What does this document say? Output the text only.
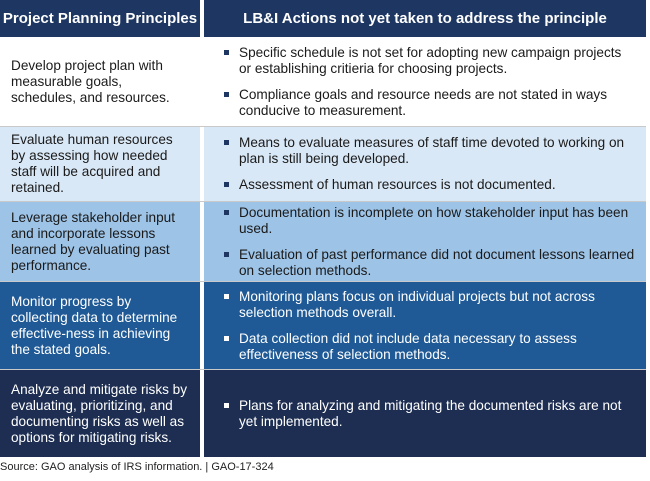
Project Planning Principles	LB&I Actions not yet taken to address the principle
Develop project plan with measurable goals, schedules, and resources.
Specific schedule is not set for adopting new campaign projects or establishing critieria for choosing projects.
Compliance goals and resource needs are not stated in ways conducive to measurement.
Evaluate human resources by assessing how needed staff will be acquired and retained.
Means to evaluate measures of staff time devoted to working on plan is still being developed.
Assessment of human resources is not documented.
Leverage stakeholder input and incorporate lessons learned by evaluating past performance.
Documentation is incomplete on how stakeholder input has been used.
Evaluation of past performance did not document lessons learned on selection methods.
Monitor progress by collecting data to determine effective-ness in achieving the stated goals.
Monitoring plans focus on individual projects but not across selection methods overall.
Data collection did not include data necessary to assess effectiveness of selection methods.
Analyze and mitigate risks by evaluating, prioritizing, and documenting risks as well as options for mitigating risks.
Plans for analyzing and mitigating the documented risks are not yet implemented.
Source: GAO analysis of IRS information. | GAO-17-324
